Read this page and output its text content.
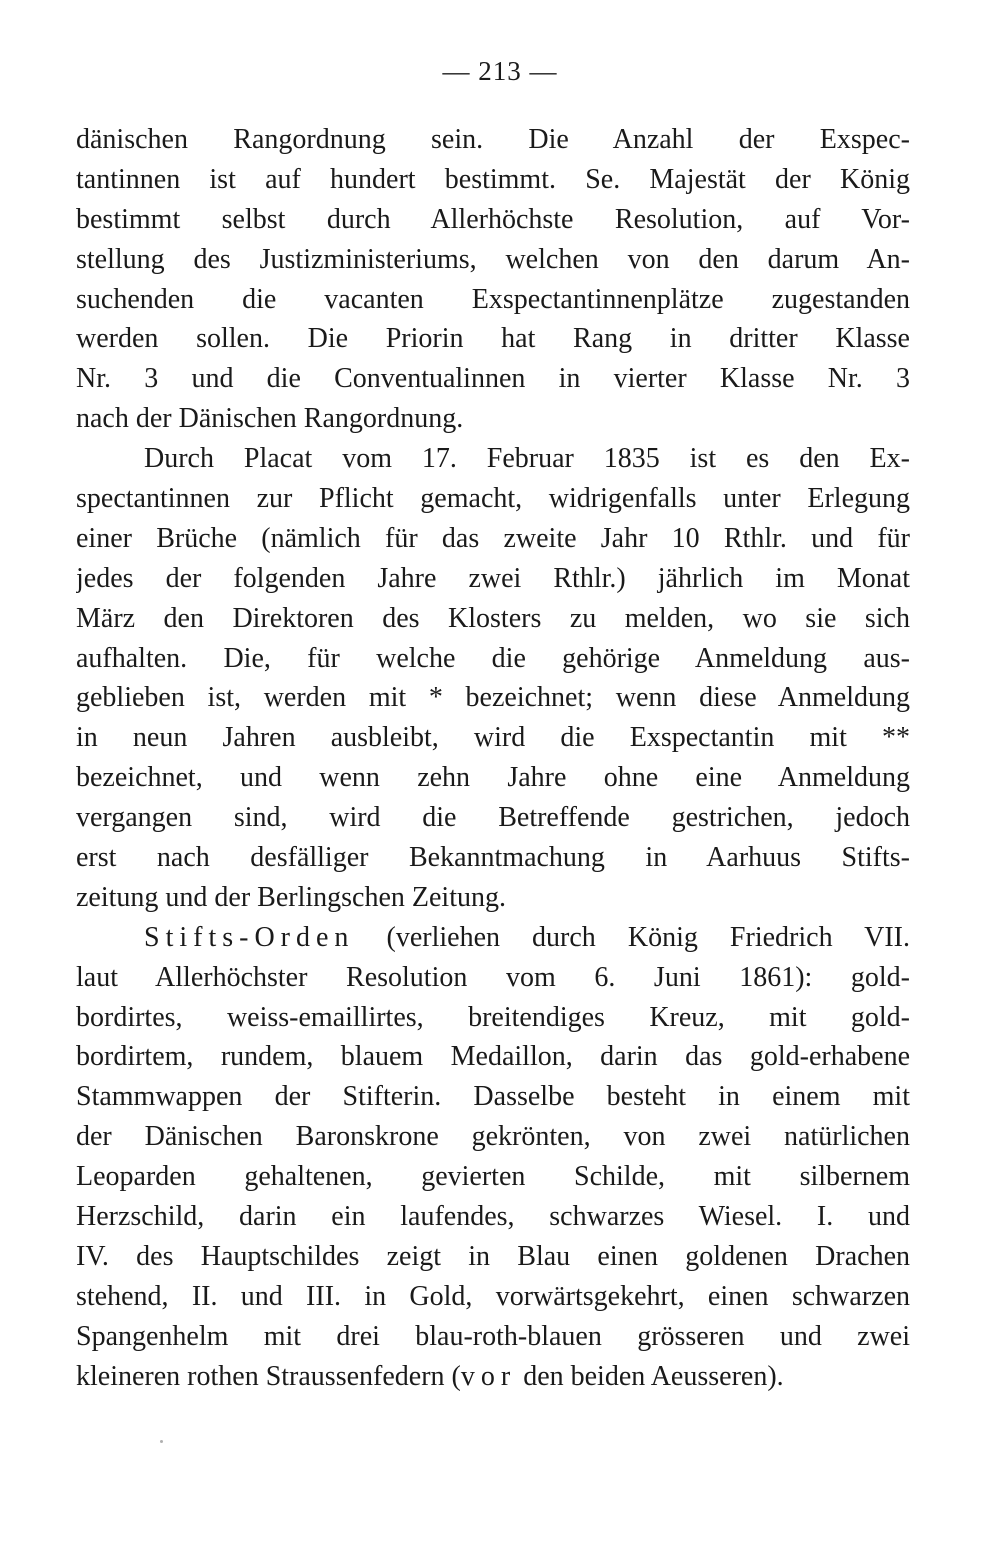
— 213 —
dänischen Rangordnung sein. Die Anzahl der Exspec-
tantinnen ist auf hundert bestimmt. Se. Majestät der König
bestimmt selbst durch Allerhöchste Resolution, auf Vor-
stellung des Justizministeriums, welchen von den darum An-
suchenden die vacanten Exspectantinnenplätze zugestanden
werden sollen. Die Priorin hat Rang in dritter Klasse
Nr. 3 und die Conventualinnen in vierter Klasse Nr. 3
nach der Dänischen Rangordnung.
Durch Placat vom 17. Februar 1835 ist es den Ex-
spectantinnen zur Pflicht gemacht, widrigenfalls unter Erlegung
einer Brüche (nämlich für das zweite Jahr 10 Rthlr. und für
jedes der folgenden Jahre zwei Rthlr.) jährlich im Monat
März den Direktoren des Klosters zu melden, wo sie sich
aufhalten. Die, für welche die gehörige Anmeldung aus-
geblieben ist, werden mit * bezeichnet; wenn diese Anmeldung
in neun Jahren ausbleibt, wird die Exspectantin mit **
bezeichnet, und wenn zehn Jahre ohne eine Anmeldung
vergangen sind, wird die Betreffende gestrichen, jedoch
erst nach desfälliger Bekanntmachung in Aarhuus Stifts-
zeitung und der Berlingschen Zeitung.
Stifts-Orden (verliehen durch König Friedrich VII.
laut Allerhöchster Resolution vom 6. Juni 1861): gold-
bordirtes, weiss-emaillirtes, breitendiges Kreuz, mit gold-
bordirtem, rundem, blauem Medaillon, darin das gold-erhabene
Stammwappen der Stifterin. Dasselbe besteht in einem mit
der Dänischen Baronskrone gekrönten, von zwei natürlichen
Leoparden gehaltenen, gevierten Schilde, mit silbernem
Herzschild, darin ein laufendes, schwarzes Wiesel. I. und
IV. des Hauptschildes zeigt in Blau einen goldenen Drachen
stehend, II. und III. in Gold, vorwärtsgekehrt, einen schwarzen
Spangenhelm mit drei blau-roth-blauen grösseren und zwei
kleineren rothen Straussenfedern (vor den beiden Aeusseren).
